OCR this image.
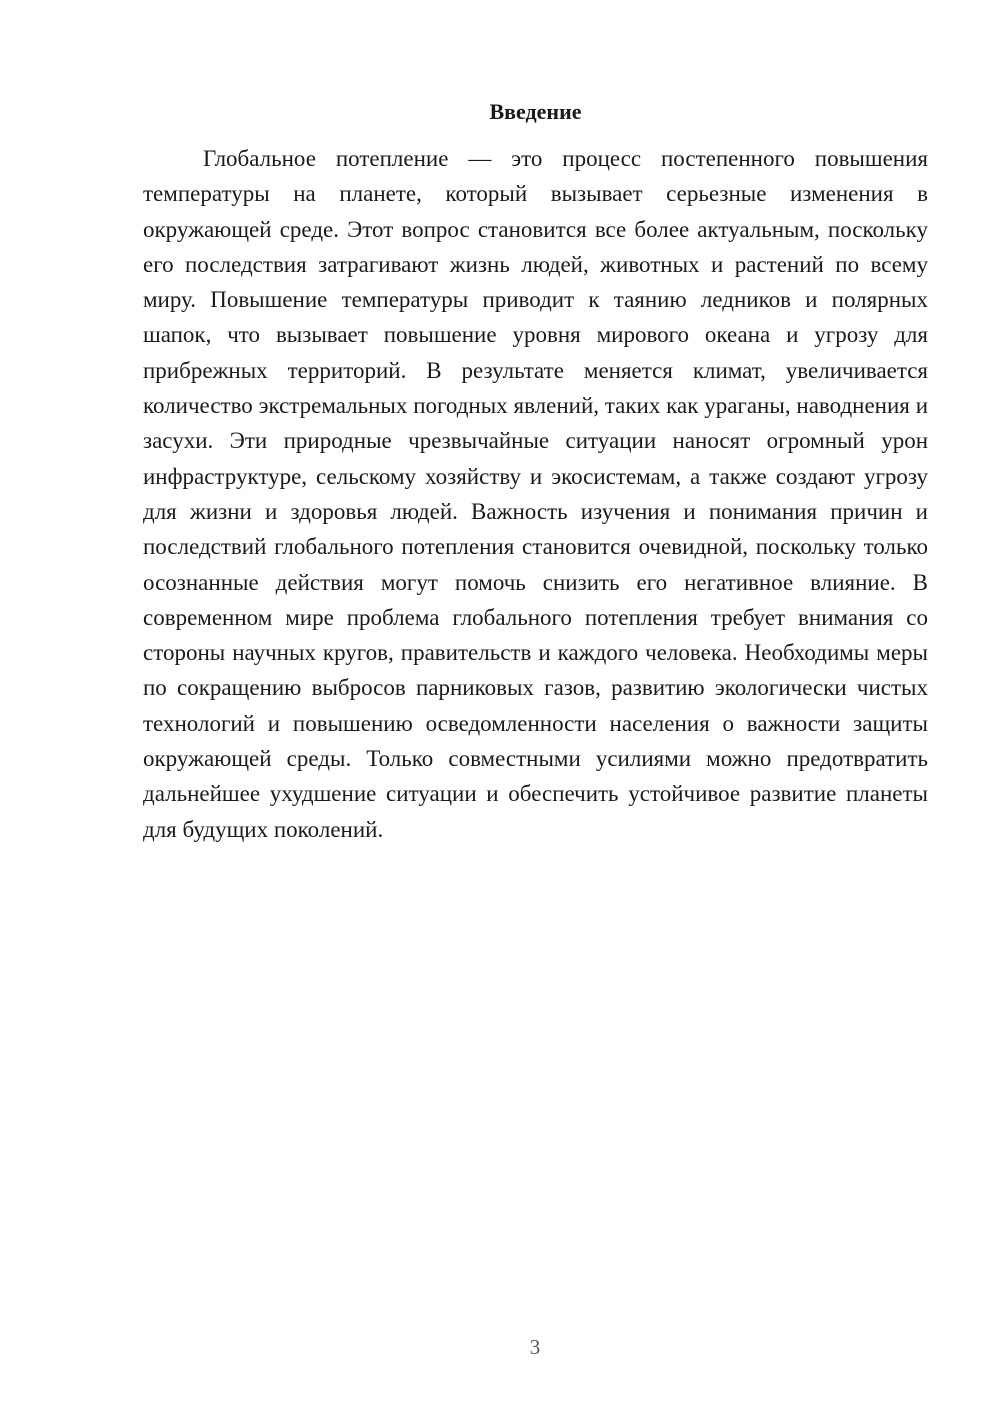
Введение

Глобальное потепление — это процесс постепенного повышения температуры на планете, который вызывает серьезные изменения в окружающей среде. Этот вопрос становится все более актуальным, поскольку его последствия затрагивают жизнь людей, животных и растений по всему миру. Повышение температуры приводит к таянию ледников и полярных шапок, что вызывает повышение уровня мирового океана и угрозу для прибрежных территорий. В результате меняется климат, увеличивается количество экстремальных погодных явлений, таких как ураганы, наводнения и засухи. Эти природные чрезвычайные ситуации наносят огромный урон инфраструктуре, сельскому хозяйству и экосистемам, а также создают угрозу для жизни и здоровья людей. Важность изучения и понимания причин и последствий глобального потепления становится очевидной, поскольку только осознанные действия могут помочь снизить его негативное влияние. В современном мире проблема глобального потепления требует внимания со стороны научных кругов, правительств и каждого человека. Необходимы меры по сокращению выбросов парниковых газов, развитию экологически чистых технологий и повышению осведомленности населения о важности защиты окружающей среды. Только совместными усилиями можно предотвратить дальнейшее ухудшение ситуации и обеспечить устойчивое развитие планеты для будущих поколений.

3
